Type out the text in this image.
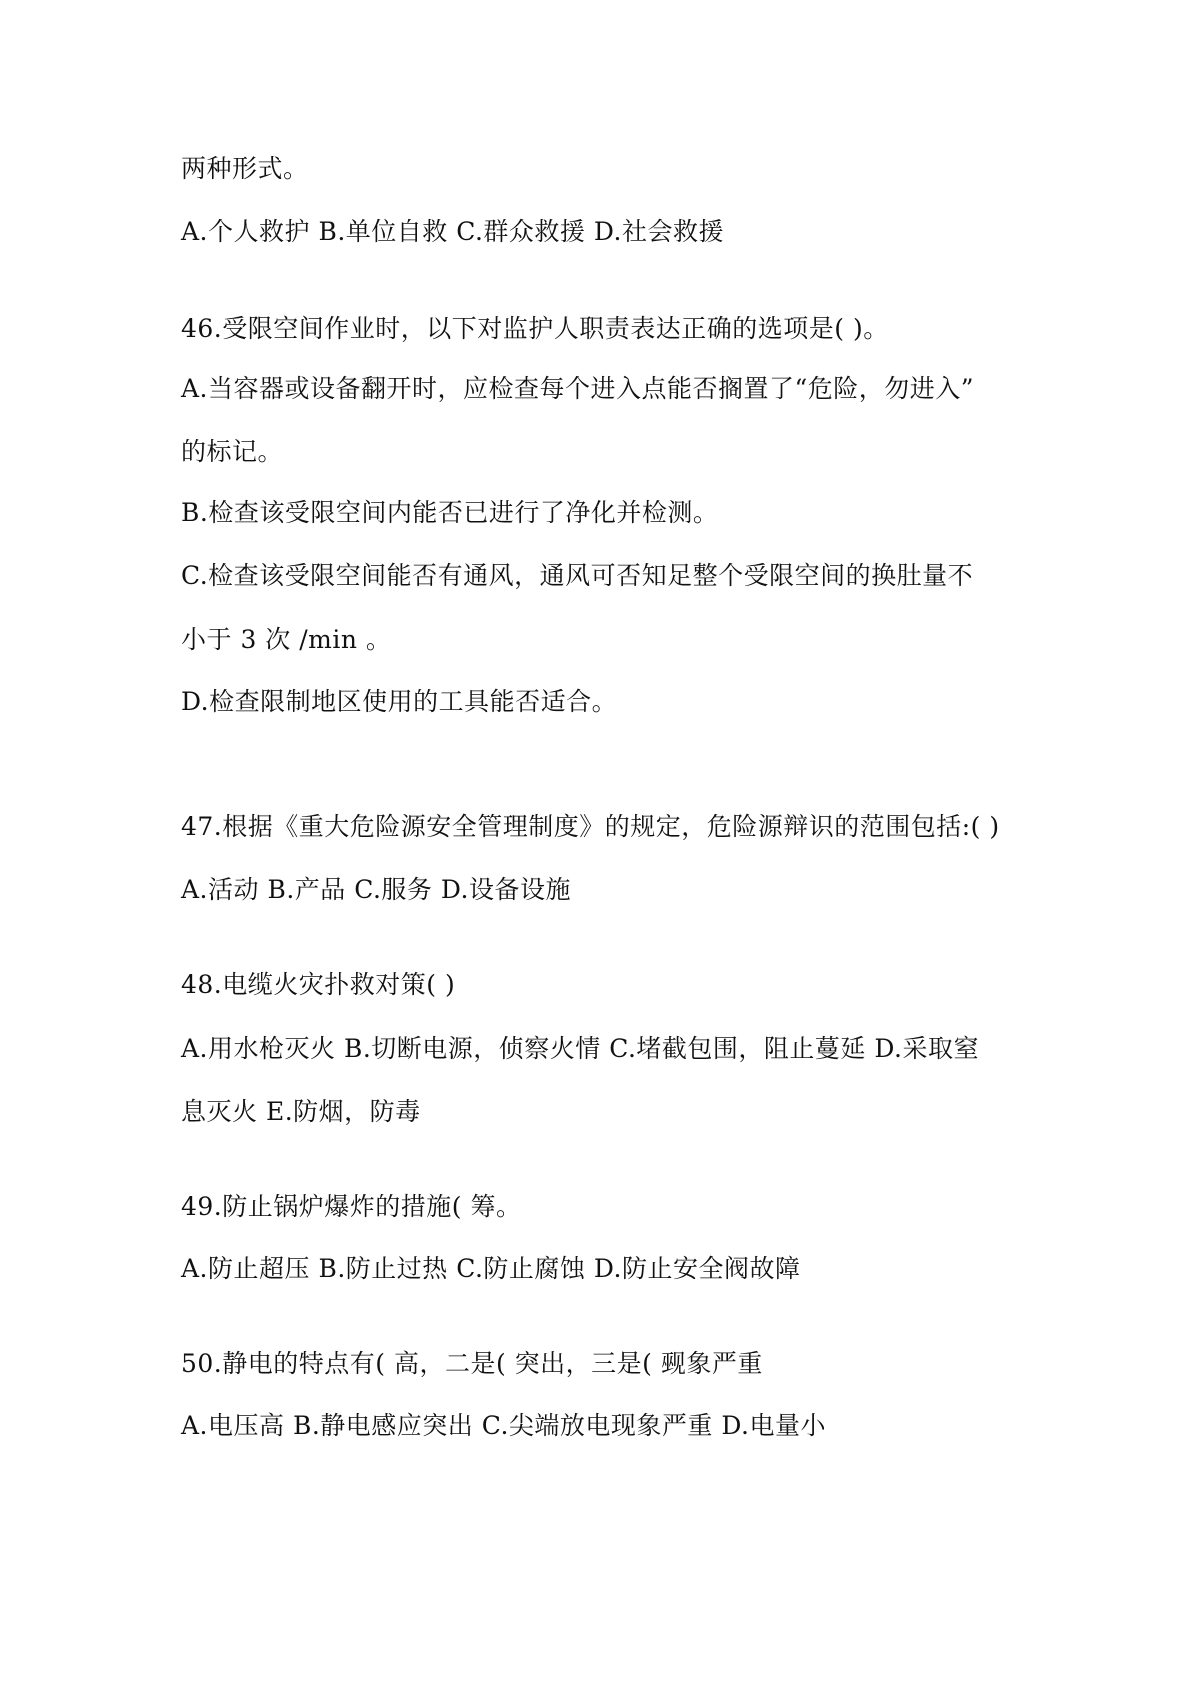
两种形式。
A.个人救护 B.单位自救 C.群众救援 D.社会救援
46.受限空间作业时，以下对监护人职责表达正确的选项是( )。
A.当容器或设备翻开时，应检查每个进入点能否搁置了“危险，勿进入”
的标记。
B.检查该受限空间内能否已进行了净化并检测。
C.检查该受限空间能否有通风，通风可否知足整个受限空间的换肚量不
小于 3 次 /min 。
D.检查限制地区使用的工具能否适合。
47.根据《重大危险源安全管理制度》的规定，危险源辩识的范围包括:( )
A.活动 B.产品 C.服务 D.设备设施
48.电缆火灾扑救对策( )
A.用水枪灭火 B.切断电源，侦察火情 C.堵截包围，阻止蔓延 D.采取窒
息灭火 E.防烟，防毒
49.防止锅炉爆炸的措施( 筹。
A.防止超压 B.防止过热 C.防止腐蚀 D.防止安全阀故障
50.静电的特点有( 高，二是( 突出，三是( 觋象严重
A.电压高 B.静电感应突出 C.尖端放电现象严重 D.电量小
